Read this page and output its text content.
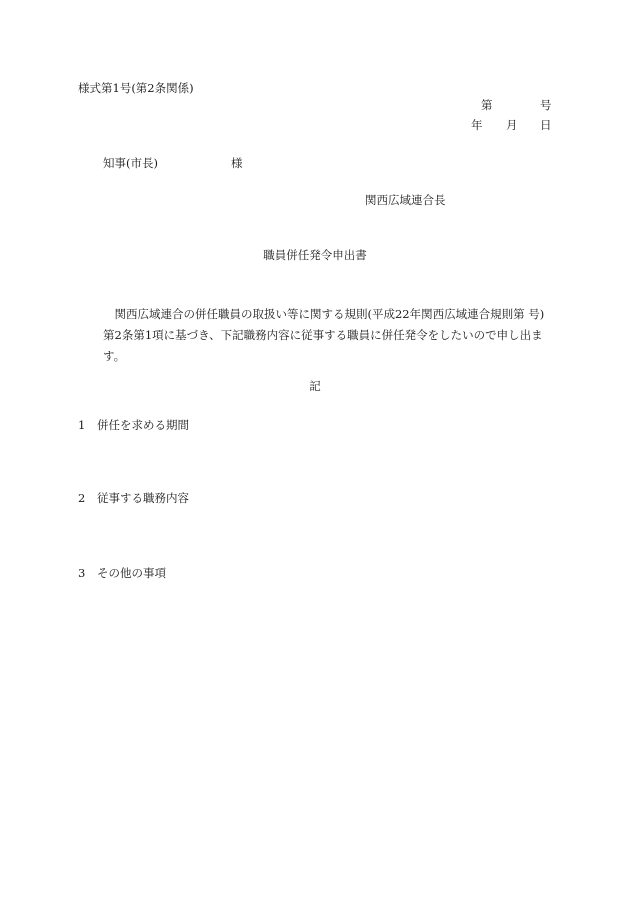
様式第1号(第2条関係)
第	号
年 月 日
知事(市長)	様
関西広域連合長
職員併任発令申出書
関西広域連合の併任職員の取扱い等に関する規則(平成22年関西広域連合規則第 号)第2条第1項に基づき、下記職務内容に従事する職員に併任発令をしたいので申し出ます。
記
1 併任を求める期間
2 従事する職務内容
3 その他の事項
